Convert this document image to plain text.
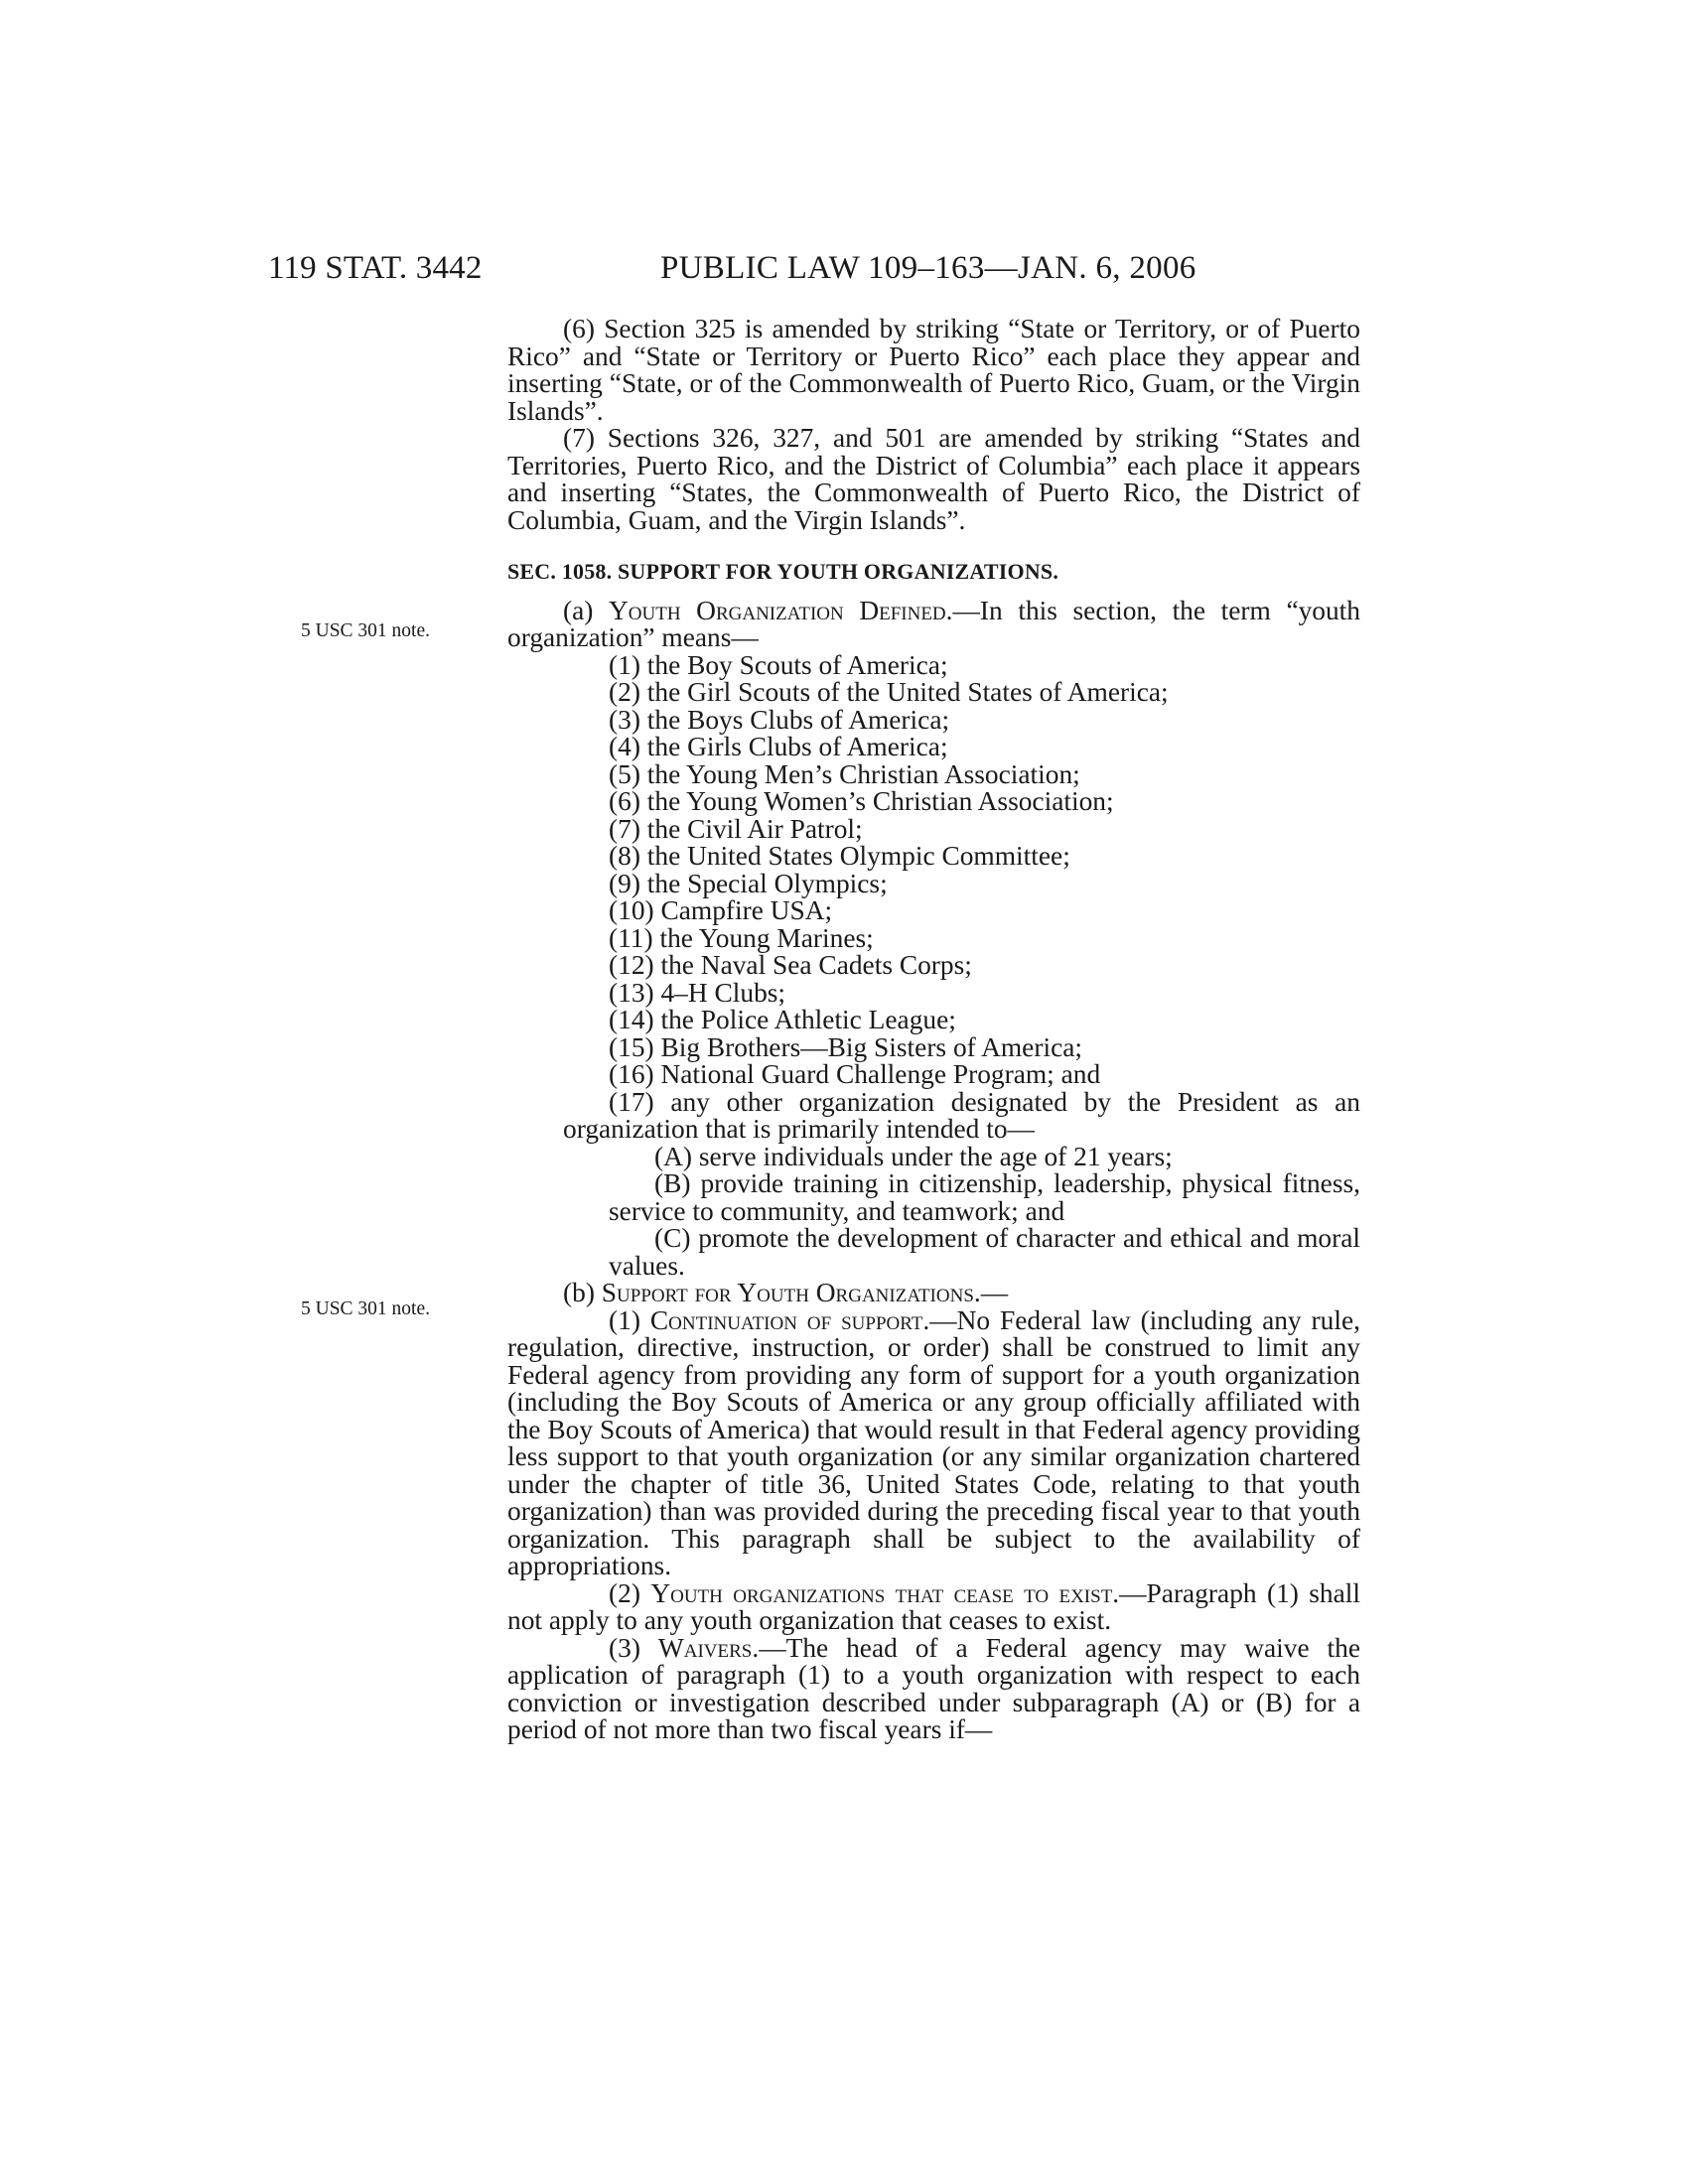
119 STAT. 3442	PUBLIC LAW 109–163—JAN. 6, 2006
5 USC 301 note.
5 USC 301 note.

(6) Section 325 is amended by striking “State or Territory, or of Puerto Rico” and “State or Territory or Puerto Rico” each place they appear and inserting “State, or of the Commonwealth of Puerto Rico, Guam, or the Virgin Islands”.

(7) Sections 326, 327, and 501 are amended by striking “States and Territories, Puerto Rico, and the District of Columbia” each place it appears and inserting “States, the Commonwealth of Puerto Rico, the District of Columbia, Guam, and the Virgin Islands”.

SEC. 1058. SUPPORT FOR YOUTH ORGANIZATIONS.

(a) Youth Organization Defined.—In this section, the term “youth organization” means—

(1) the Boy Scouts of America;

(2) the Girl Scouts of the United States of America;

(3) the Boys Clubs of America;

(4) the Girls Clubs of America;

(5) the Young Men’s Christian Association;

(6) the Young Women’s Christian Association;

(7) the Civil Air Patrol;

(8) the United States Olympic Committee;

(9) the Special Olympics;

(10) Campfire USA;

(11) the Young Marines;

(12) the Naval Sea Cadets Corps;

(13) 4–H Clubs;

(14) the Police Athletic League;

(15) Big Brothers—Big Sisters of America;

(16) National Guard Challenge Program; and

(17) any other organization designated by the President as an organization that is primarily intended to—

(A) serve individuals under the age of 21 years;

(B) provide training in citizenship, leadership, physical fitness, service to community, and teamwork; and

(C) promote the development of character and ethical and moral values.

(b) Support for Youth Organizations.—

(1) Continuation of support.—No Federal law (including any rule, regulation, directive, instruction, or order) shall be construed to limit any Federal agency from providing any form of support for a youth organization (including the Boy Scouts of America or any group officially affiliated with the Boy Scouts of America) that would result in that Federal agency providing less support to that youth organization (or any similar organization chartered under the chapter of title 36, United States Code, relating to that youth organization) than was provided during the preceding fiscal year to that youth organization. This paragraph shall be subject to the availability of appropriations.

(2) Youth organizations that cease to exist.—Paragraph (1) shall not apply to any youth organization that ceases to exist.

(3) Waivers.—The head of a Federal agency may waive the application of paragraph (1) to a youth organization with respect to each conviction or investigation described under subparagraph (A) or (B) for a period of not more than two fiscal years if—
